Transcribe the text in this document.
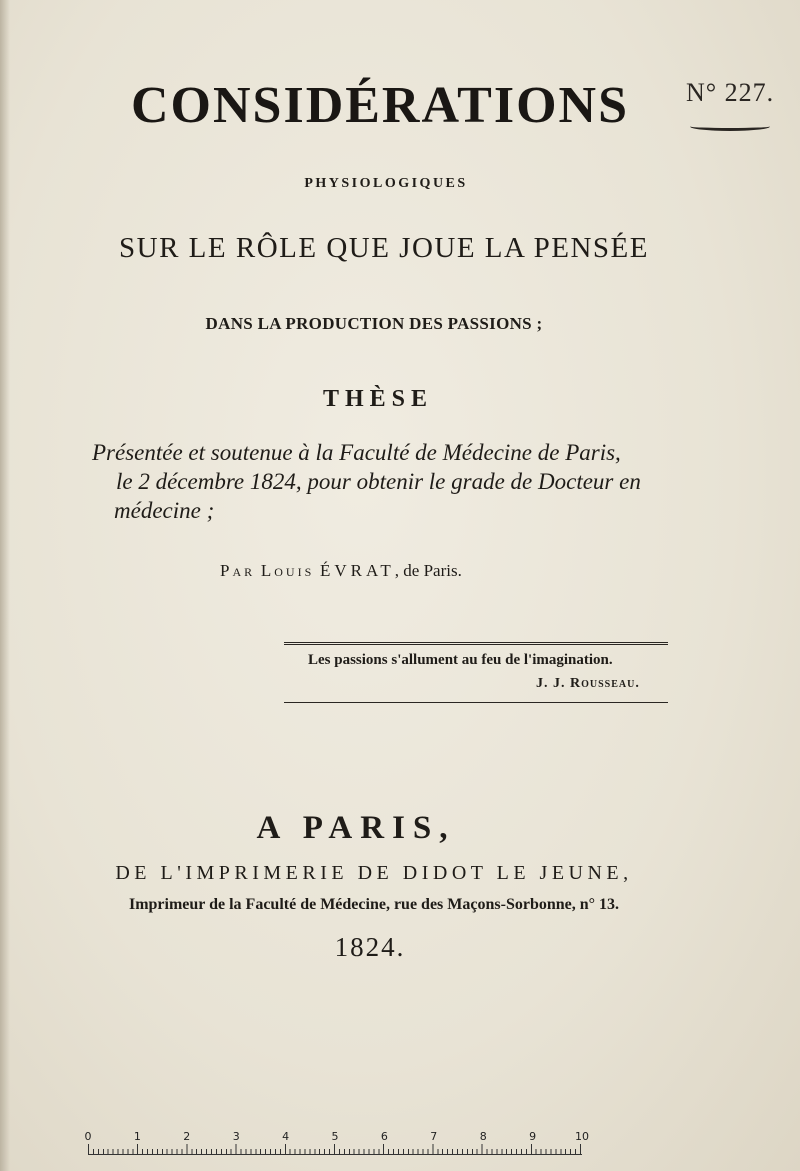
N° 227.
CONSIDÉRATIONS
PHYSIOLOGIQUES
SUR LE RÔLE QUE JOUE LA PENSÉE
DANS LA PRODUCTION DES PASSIONS ;
THÈSE
Présentée et soutenue à la Faculté de Médecine de Paris,
le 2 décembre 1824, pour obtenir le grade de Docteur en
médecine ;
Par Louis ÉVRAT, de Paris.
Les passions s'allument au feu de l'imagination.
J. J. Rousseau.
A PARIS,
DE L'IMPRIMERIE DE DIDOT LE JEUNE,
Imprimeur de la Faculté de Médecine, rue des Maçons-Sorbonne, n° 13.
1824.
0	1	2	3	4	5	6	7	8	9	10
